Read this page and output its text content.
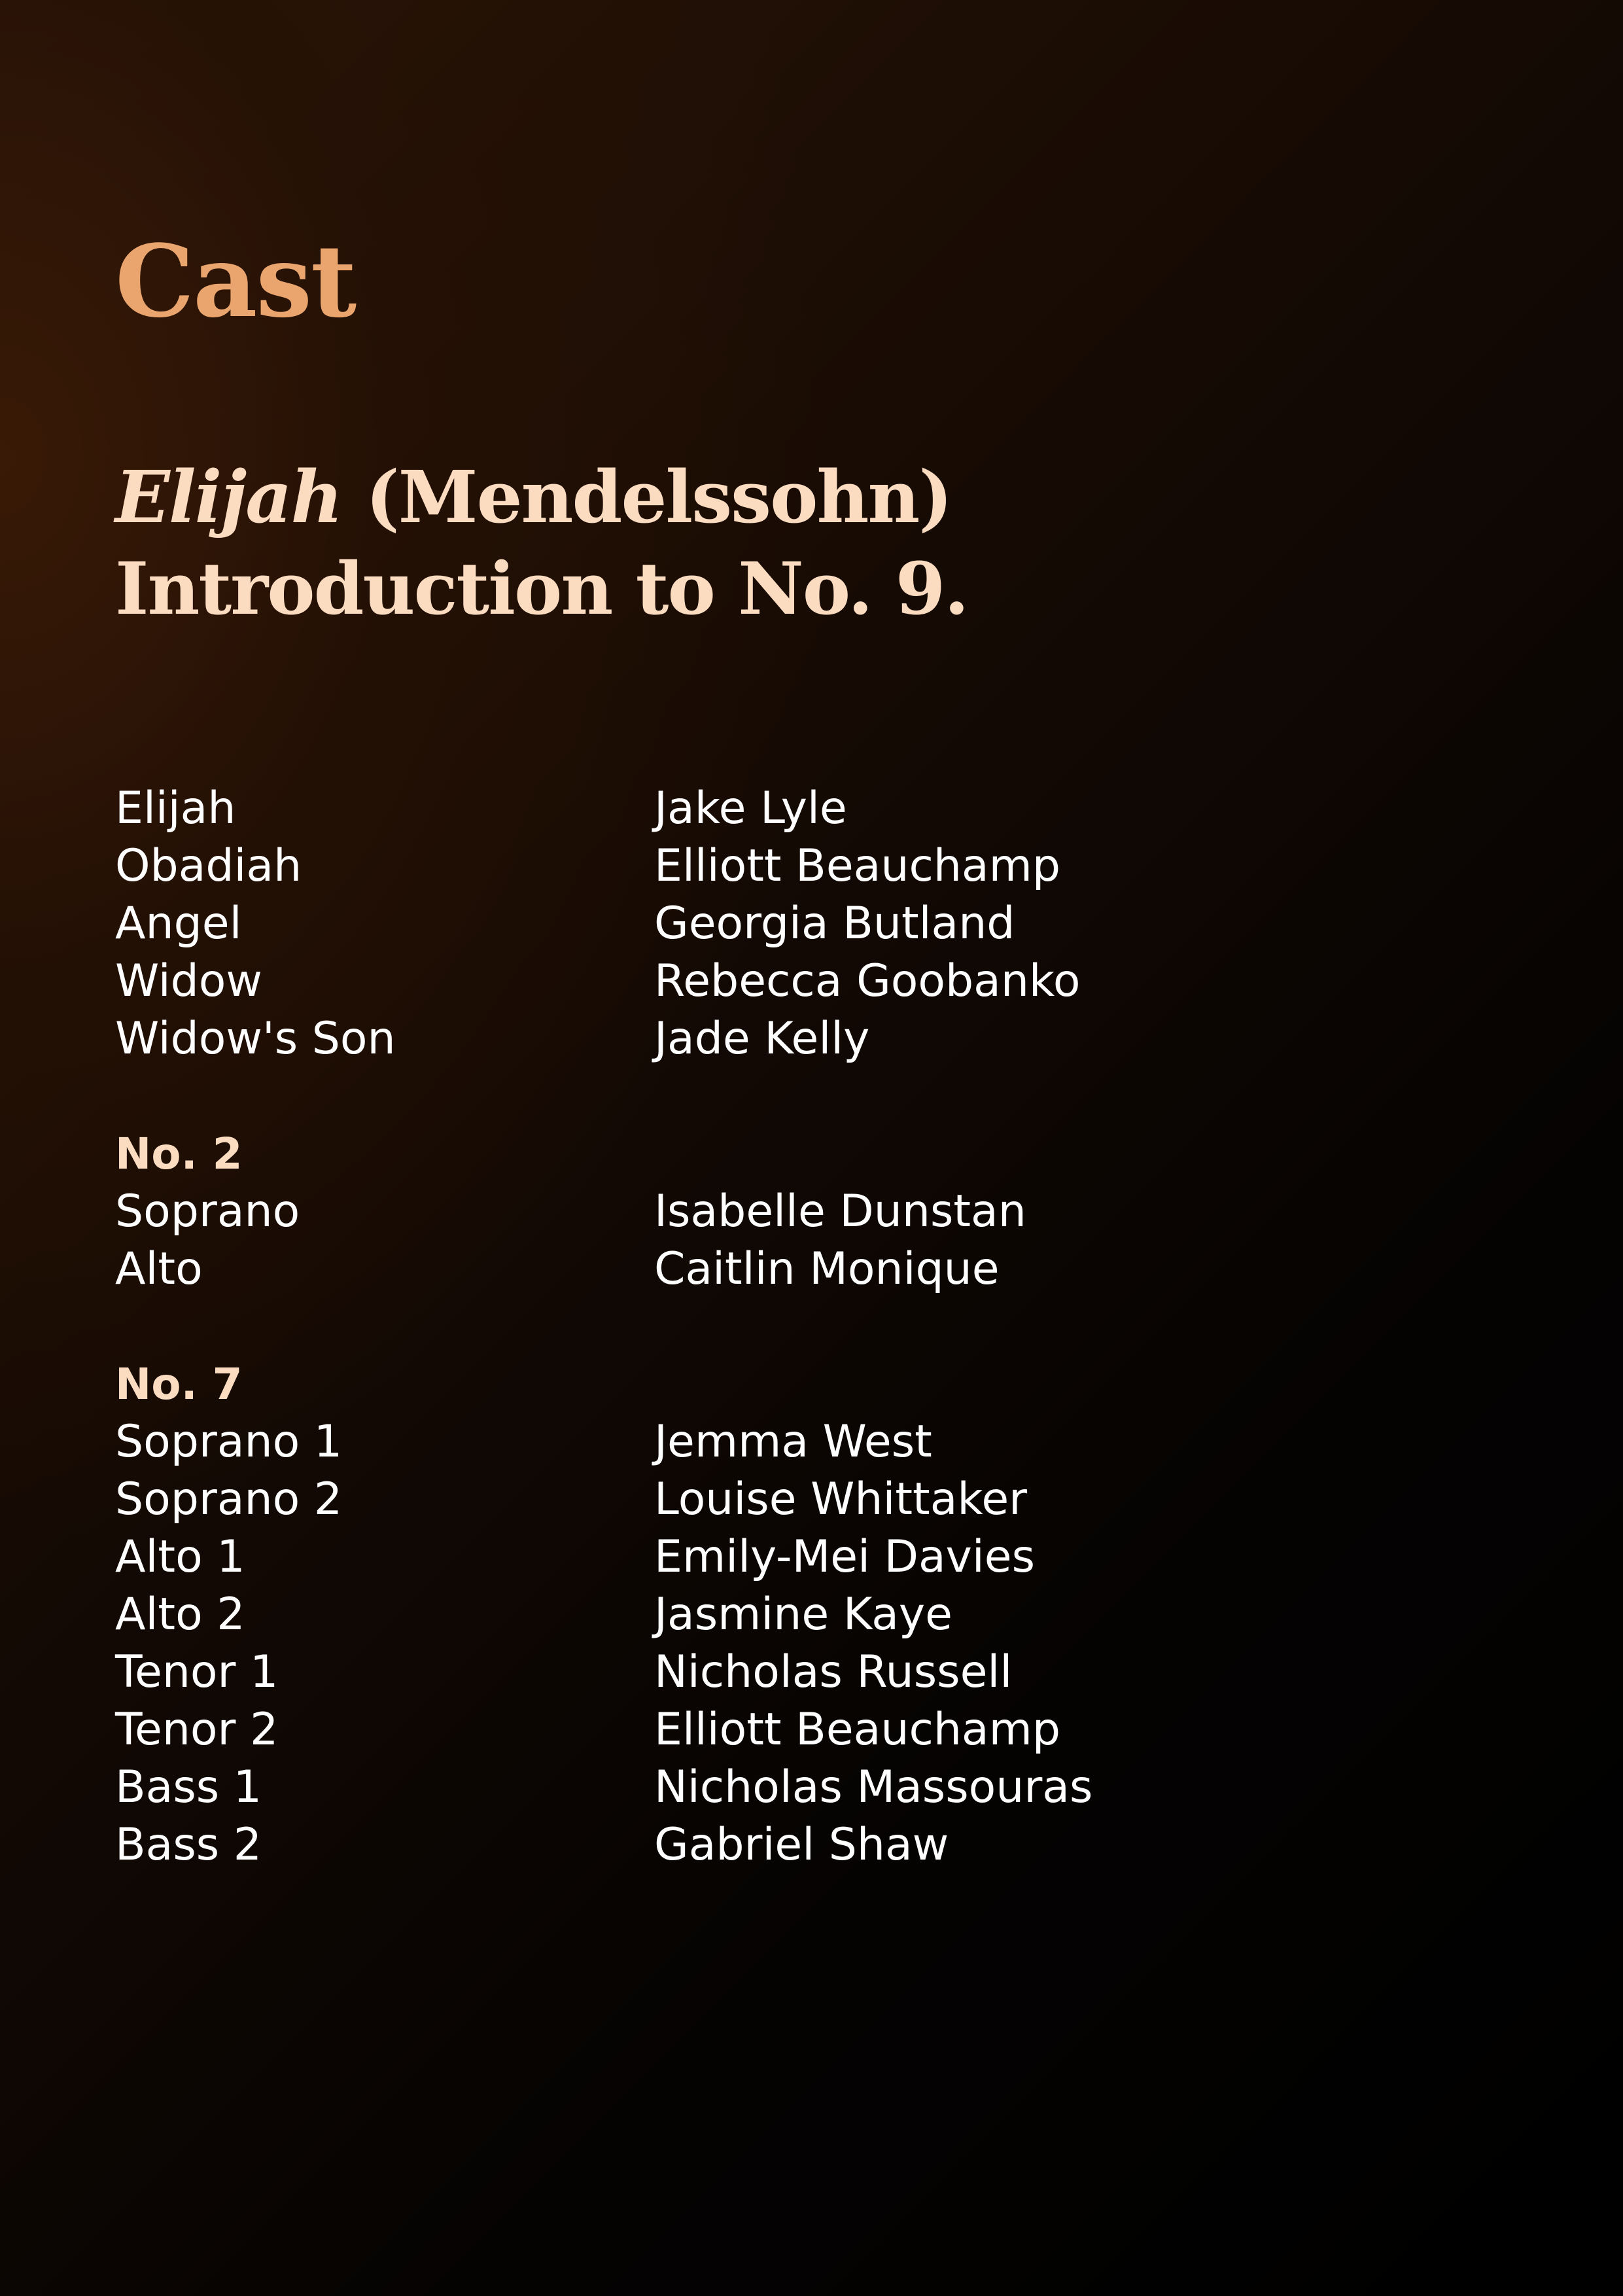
Cast
Elijah (Mendelssohn)
Introduction to No. 9.
Elijah	Jake Lyle
Obadiah	Elliott Beauchamp
Angel	Georgia Butland
Widow	Rebecca Goobanko
Widow's Son	Jade Kelly
No. 2
Soprano	Isabelle Dunstan
Alto	Caitlin Monique
No. 7
Soprano 1	Jemma West
Soprano 2	Louise Whittaker
Alto 1	Emily-Mei Davies
Alto 2	Jasmine Kaye
Tenor 1	Nicholas Russell
Tenor 2	Elliott Beauchamp
Bass 1	Nicholas Massouras
Bass 2	Gabriel Shaw
